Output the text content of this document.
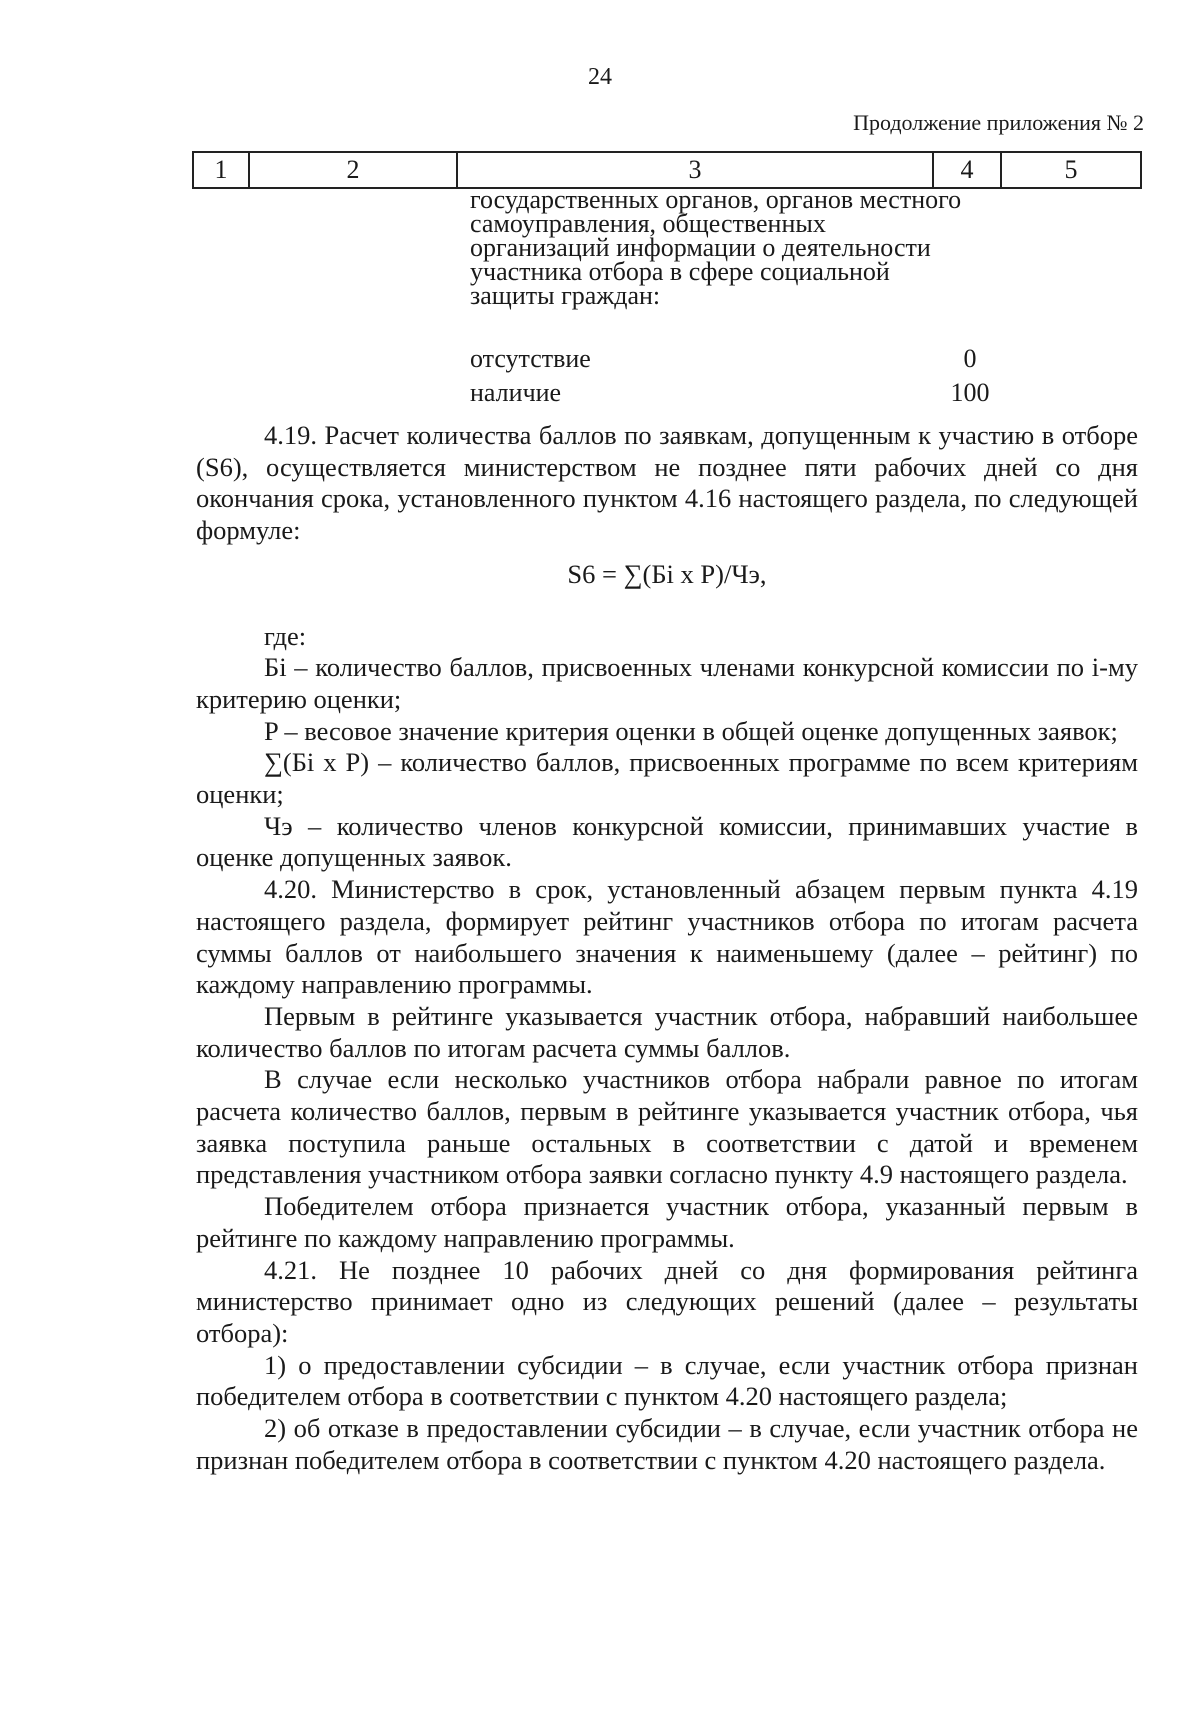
24
Продолжение приложения № 2
1	2	3	4	5
государственных органов, органов местного самоуправления, общественных организаций информации о деятельности участника отбора в сфере социальной защиты граждан:
отсутствие	0
наличие	100

4.19. Расчет количества баллов по заявкам, допущенным к участию в отборе (S6), осуществляется министерством не позднее пяти рабочих дней со дня окончания срока, установленного пунктом 4.16 настоящего раздела, по следующей формуле:

S6 = ∑(Бi x P)/Чэ,

где:

Бi – количество баллов, присвоенных членами конкурсной комиссии по i-му критерию оценки;

P – весовое значение критерия оценки в общей оценке допущенных заявок;

∑(Бi x P) – количество баллов, присвоенных программе по всем критериям оценки;

Чэ – количество членов конкурсной комиссии, принимавших участие в оценке допущенных заявок.

4.20. Министерство в срок, установленный абзацем первым пункта 4.19 настоящего раздела, формирует рейтинг участников отбора по итогам расчета суммы баллов от наибольшего значения к наименьшему (далее – рейтинг) по каждому направлению программы.

Первым в рейтинге указывается участник отбора, набравший наибольшее количество баллов по итогам расчета суммы баллов.

В случае если несколько участников отбора набрали равное по итогам расчета количество баллов, первым в рейтинге указывается участник отбора, чья заявка поступила раньше остальных в соответствии с датой и временем представления участником отбора заявки согласно пункту 4.9 настоящего раздела.

Победителем отбора признается участник отбора, указанный первым в рейтинге по каждому направлению программы.

4.21. Не позднее 10 рабочих дней со дня формирования рейтинга министерство принимает одно из следующих решений (далее – результаты отбора):

1) о предоставлении субсидии – в случае, если участник отбора признан победителем отбора в соответствии с пунктом 4.20 настоящего раздела;

2) об отказе в предоставлении субсидии – в случае, если участник отбора не признан победителем отбора в соответствии с пунктом 4.20 настоящего раздела.
